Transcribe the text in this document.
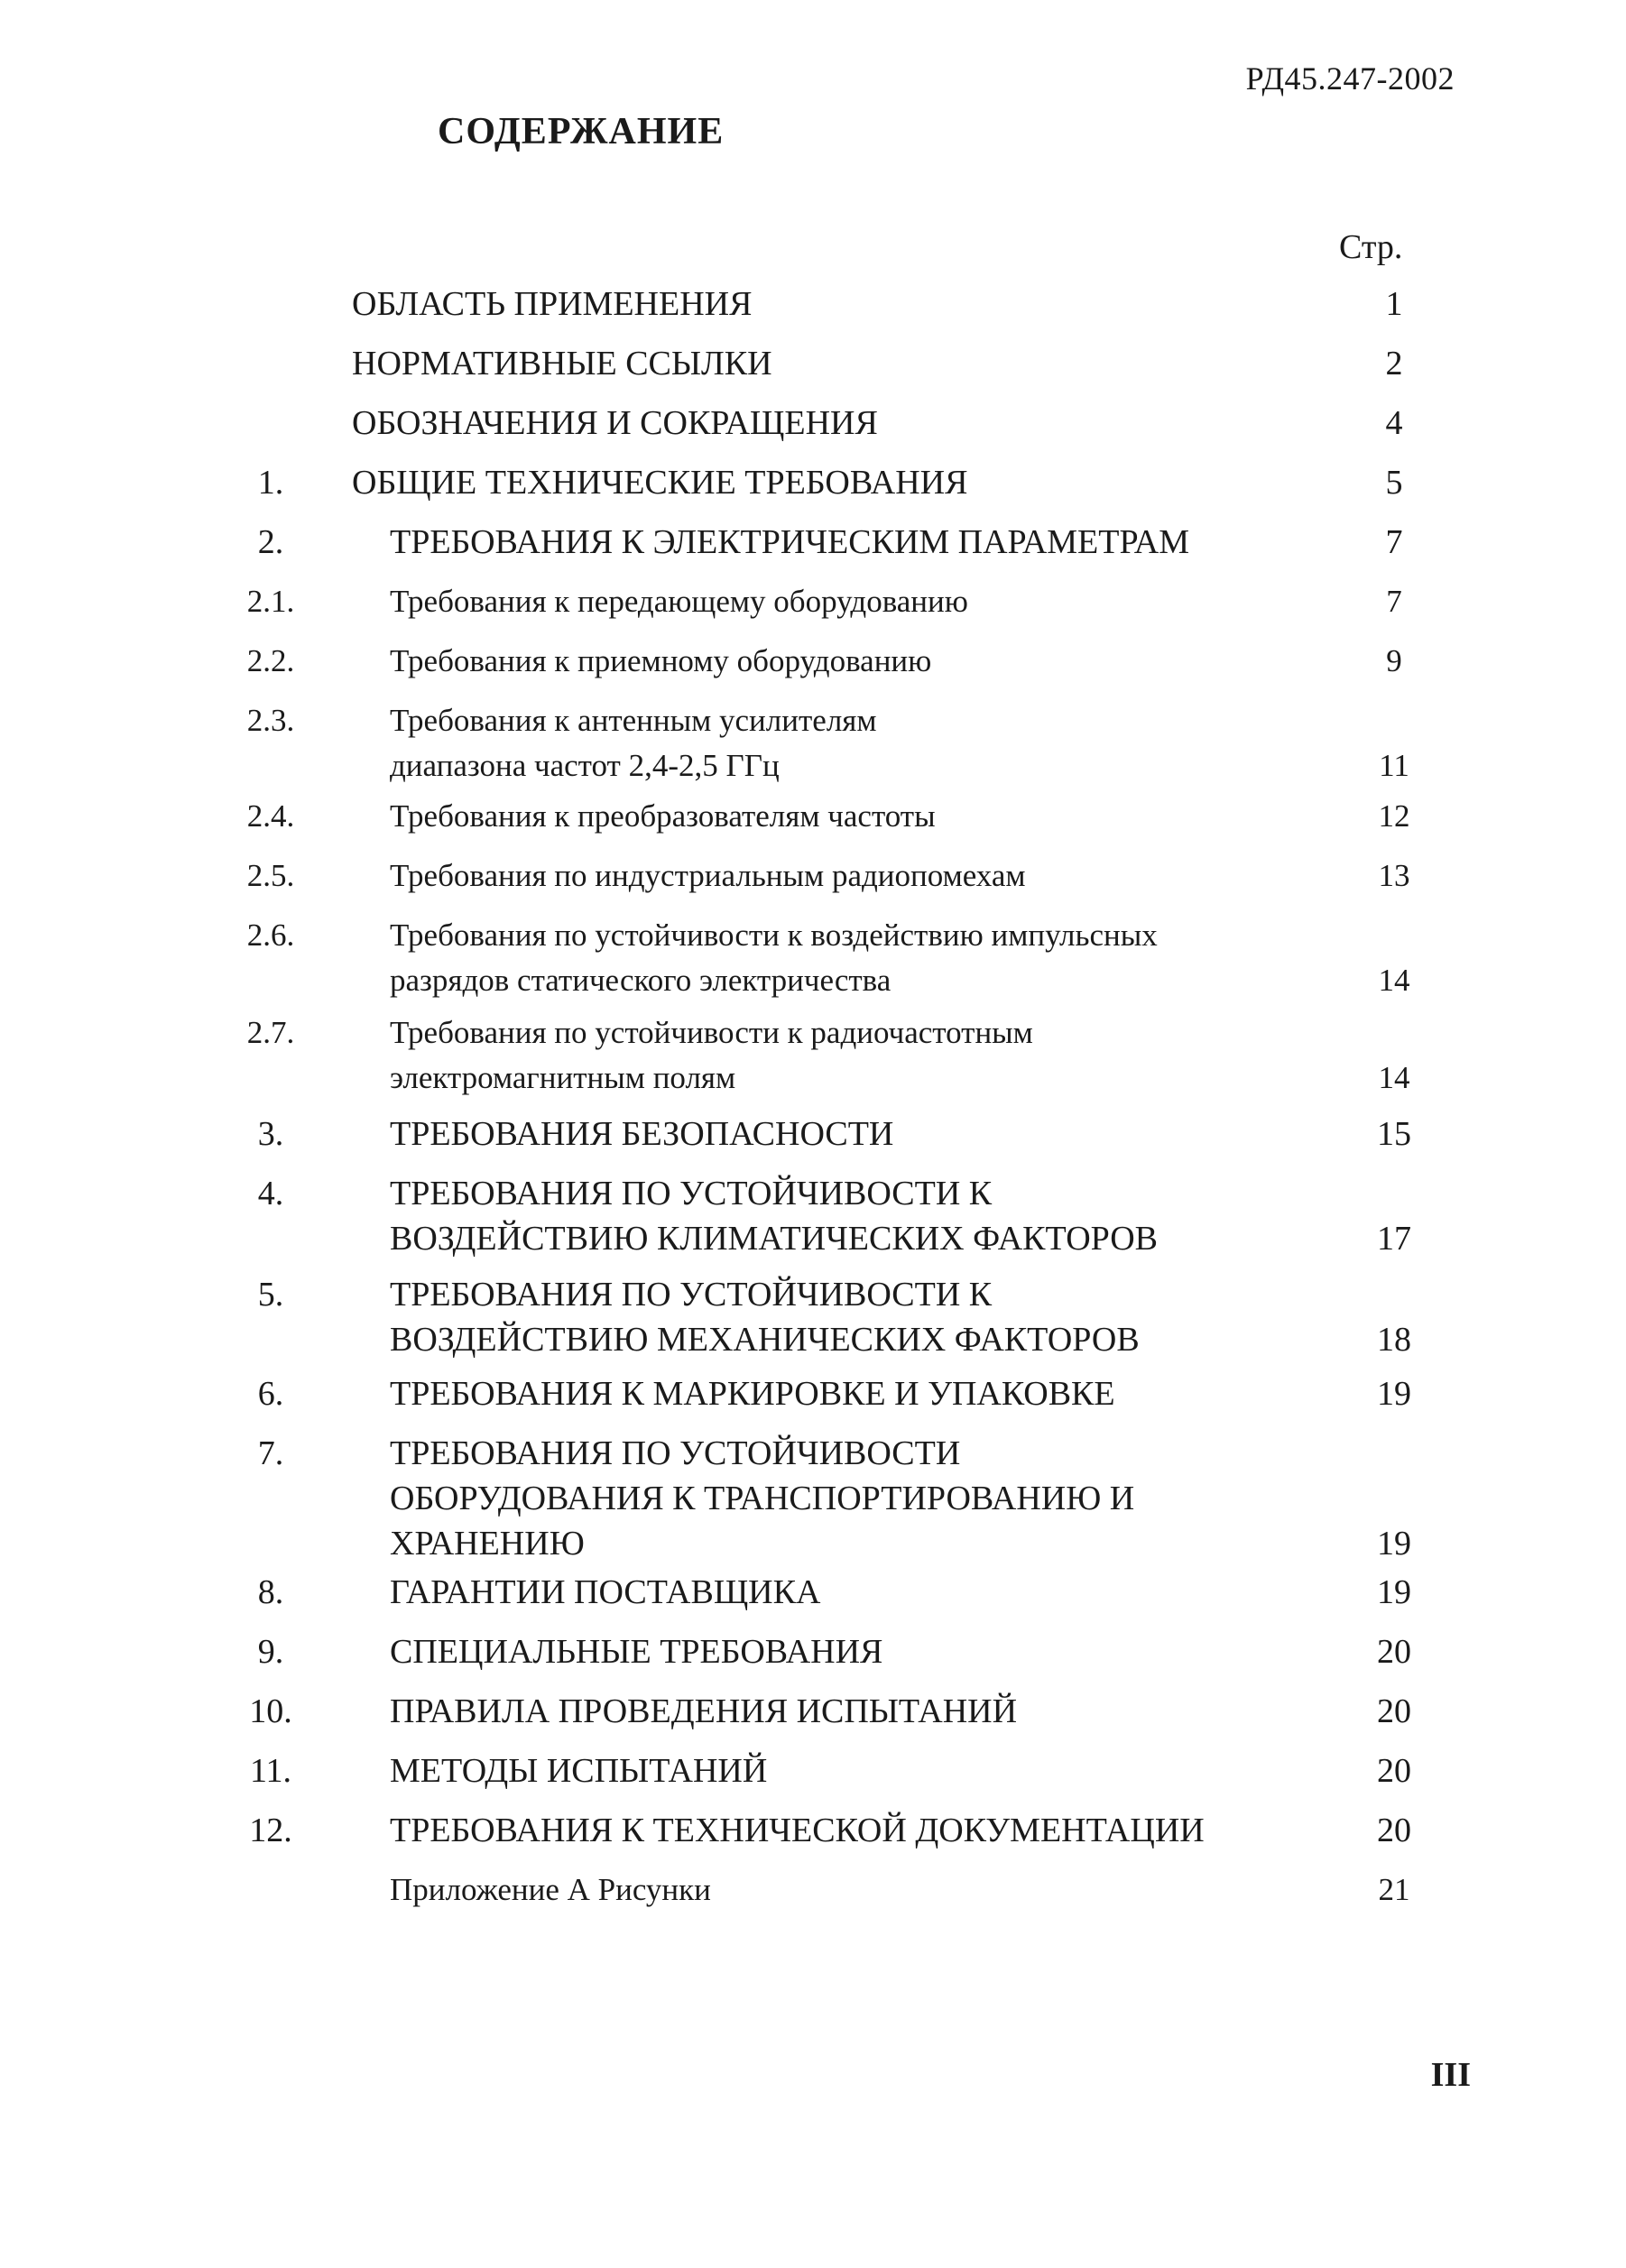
РД45.247-2002
СОДЕРЖАНИЕ
Стр.
ОБЛАСТЬ ПРИМЕНЕНИЯ	1
НОРМАТИВНЫЕ ССЫЛКИ	2
ОБОЗНАЧЕНИЯ И СОКРАЩЕНИЯ	4
1.	ОБЩИЕ ТЕХНИЧЕСКИЕ ТРЕБОВАНИЯ	5
2.	ТРЕБОВАНИЯ К ЭЛЕКТРИЧЕСКИМ ПАРАМЕТРАМ	7
2.1.	Требования к передающему оборудованию	7
2.2.	Требования к приемному оборудованию	9
2.3.	Требования к антенным усилителям
диапазона частот 2,4-2,5 ГГц	11
2.4.	Требования к преобразователям частоты	12
2.5.	Требования по индустриальным радиопомехам	13
2.6.	Требования по устойчивости к воздействию импульсных
разрядов статического электричества	14
2.7.	Требования по устойчивости к радиочастотным
электромагнитным полям	14
3.	ТРЕБОВАНИЯ БЕЗОПАСНОСТИ	15
4.	ТРЕБОВАНИЯ ПО УСТОЙЧИВОСТИ К
ВОЗДЕЙСТВИЮ КЛИМАТИЧЕСКИХ ФАКТОРОВ	17
5.	ТРЕБОВАНИЯ ПО УСТОЙЧИВОСТИ К
ВОЗДЕЙСТВИЮ МЕХАНИЧЕСКИХ ФАКТОРОВ	18
6.	ТРЕБОВАНИЯ К МАРКИРОВКЕ И УПАКОВКЕ	19
7.	ТРЕБОВАНИЯ ПО УСТОЙЧИВОСТИ
ОБОРУДОВАНИЯ К ТРАНСПОРТИРОВАНИЮ И
ХРАНЕНИЮ	19
8.	ГАРАНТИИ ПОСТАВЩИКА	19
9.	СПЕЦИАЛЬНЫЕ ТРЕБОВАНИЯ	20
10.	ПРАВИЛА ПРОВЕДЕНИЯ ИСПЫТАНИЙ	20
11.	МЕТОДЫ ИСПЫТАНИЙ	20
12.	ТРЕБОВАНИЯ К ТЕХНИЧЕСКОЙ ДОКУМЕНТАЦИИ	20
Приложение А Рисунки	21
III
